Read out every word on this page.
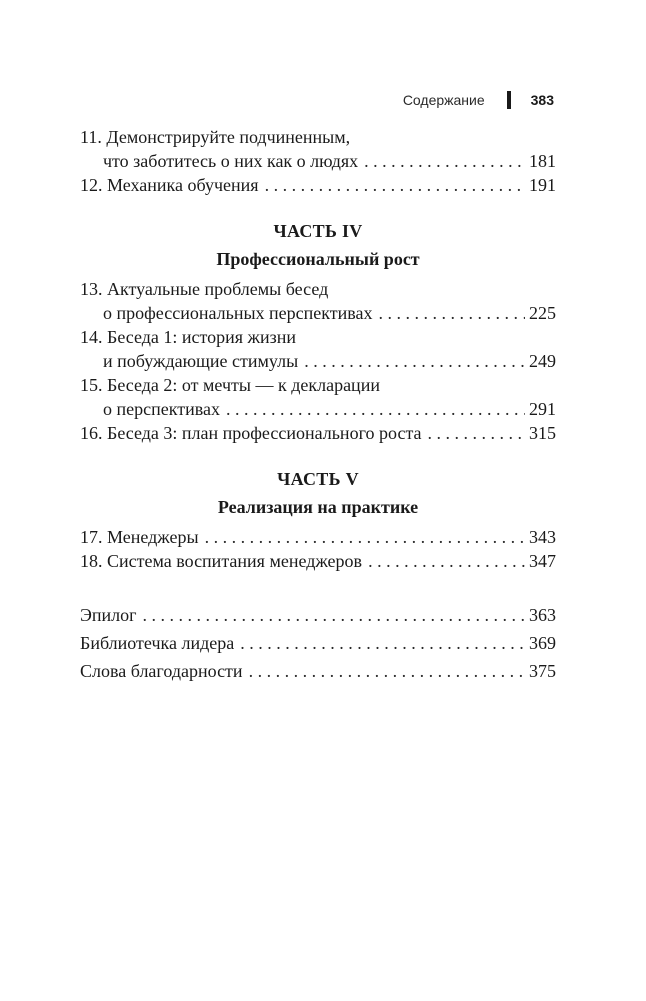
Содержание	383
11. Демонстрируйте подчиненным,
что заботитесь о них как о людях . . .	181
12. Механика обучения . . .	191
ЧАСТЬ IV
Профессиональный рост
13. Актуальные проблемы бесед
о профессиональных перспективах . . .	225
14. Беседа 1: история жизни
и побуждающие стимулы . . .	249
15. Беседа 2: от мечты — к декларации
о перспективах . . .	291
16. Беседа 3: план профессионального роста . . .	315
ЧАСТЬ V
Реализация на практике
17. Менеджеры . . .	343
18. Система воспитания менеджеров . . .	347
Эпилог . . .	363
Библиотечка лидера . . .	369
Слова благодарности . . .	375
